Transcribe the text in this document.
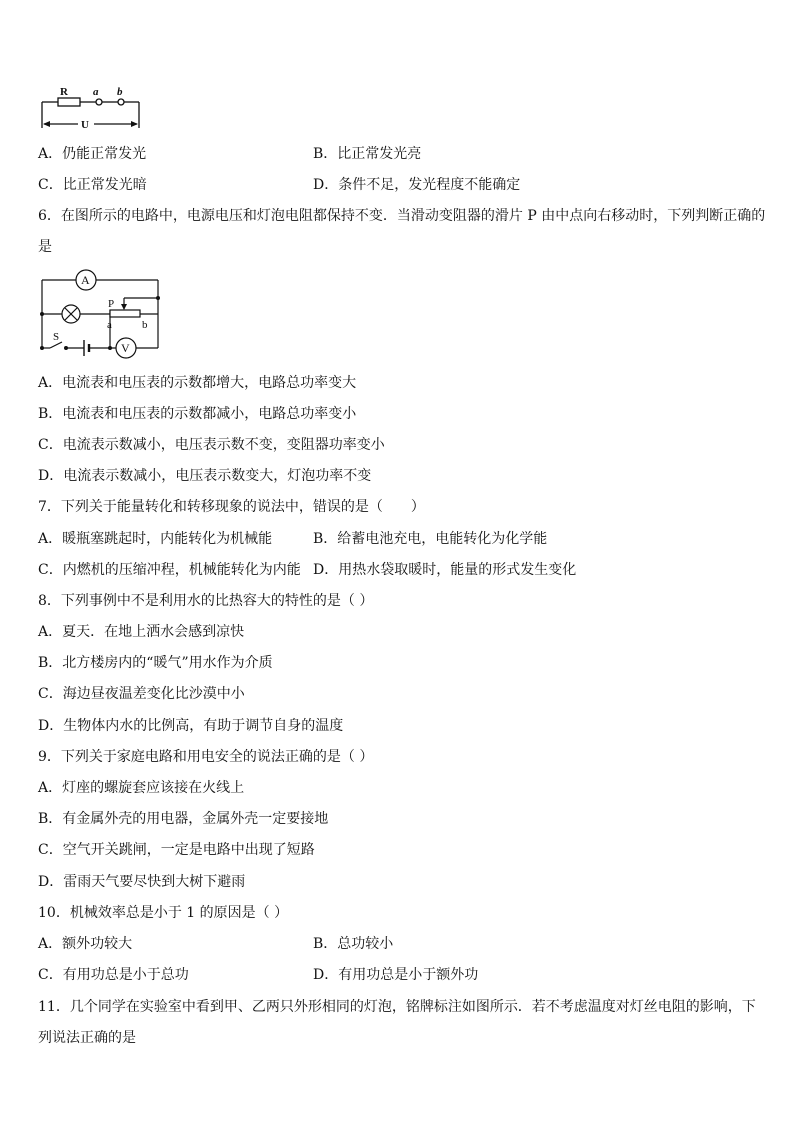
R a b
U
A．仍能正常发光	B．比正常发光亮
C．比正常发光暗	D．条件不足，发光程度不能确定
6．在图所示的电路中，电源电压和灯泡电阻都保持不变．当滑动变阻器的滑片 P 由中点向右移动时，下列判断正确的
是
A
V
P
a	b
S
A．电流表和电压表的示数都增大，电路总功率变大
B．电流表和电压表的示数都减小，电路总功率变小
C．电流表示数减小，电压表示数不变，变阻器功率变小
D．电流表示数减小，电压表示数变大，灯泡功率不变
7．下列关于能量转化和转移现象的说法中，错误的是（　　）
A．暖瓶塞跳起时，内能转化为机械能	B．给蓄电池充电，电能转化为化学能
C．内燃机的压缩冲程，机械能转化为内能 D．用热水袋取暖时，能量的形式发生变化
8．下列事例中不是利用水的比热容大的特性的是（ ）
A．夏天．在地上洒水会感到凉快
B．北方楼房内的“暖气”用水作为介质
C．海边昼夜温差变化比沙漠中小
D．生物体内水的比例高，有助于调节自身的温度
9．下列关于家庭电路和用电安全的说法正确的是（ ）
A．灯座的螺旋套应该接在火线上
B．有金属外壳的用电器，金属外壳一定要接地
C．空气开关跳闸，一定是电路中出现了短路
D．雷雨天气要尽快到大树下避雨
10．机械效率总是小于 1 的原因是（ ）
A．额外功较大	B．总功较小
C．有用功总是小于总功	D．有用功总是小于额外功
11．几个同学在实验室中看到甲、乙两只外形相同的灯泡，铭牌标注如图所示．若不考虑温度对灯丝电阻的影响，下
列说法正确的是
